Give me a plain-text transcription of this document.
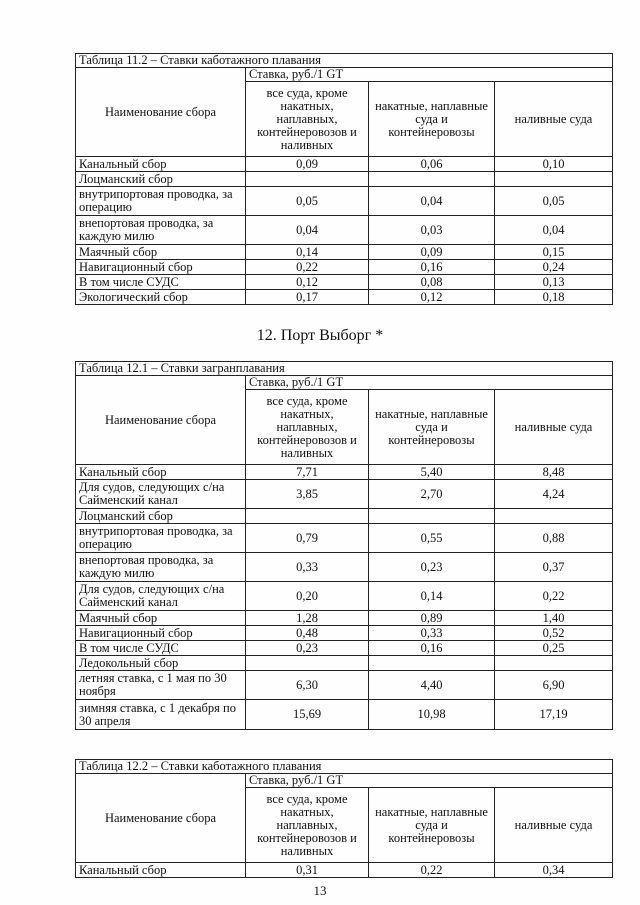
Таблица 11.2 – Ставки каботажного плавания			
Наименование сбора	Ставка, руб./1 GT		
	все суда, кроме накатных, наплавных, контейнеровозов и наливных	накатные, наплавные суда и контейнеровозы	наливные суда
Канальный сбор	0,09	0,06	0,10
Лоцманский сбор			
внутрипортовая проводка, за операцию	0,05	0,04	0,05
внепортовая проводка, за каждую милю	0,04	0,03	0,04
Маячный сбор	0,14	0,09	0,15
Навигационный сбор	0,22	0,16	0,24
В том числе СУДС	0,12	0,08	0,13
Экологический сбор	0,17	0,12	0,18
12. Порт Выборг *
Таблица 12.1 – Ставки загранплавания			
Наименование сбора	Ставка, руб./1 GT		
	все суда, кроме накатных, наплавных, контейнеровозов и наливных	накатные, наплавные суда и контейнеровозы	наливные суда
Канальный сбор	7,71	5,40	8,48
Для судов, следующих с/на Сайменский канал	3,85	2,70	4,24
Лоцманский сбор			
внутрипортовая проводка, за операцию	0,79	0,55	0,88
внепортовая проводка, за каждую милю	0,33	0,23	0,37
Для судов, следующих с/на Сайменский канал	0,20	0,14	0,22
Маячный сбор	1,28	0,89	1,40
Навигационный сбор	0,48	0,33	0,52
В том числе СУДС	0,23	0,16	0,25
Ледокольный сбор			
летняя ставка, с 1 мая по 30 ноября	6,30	4,40	6,90
зимняя ставка, с 1 декабря по 30 апреля	15,69	10,98	17,19
Таблица 12.2 – Ставки каботажного плавания			
Наименование сбора	Ставка, руб./1 GT		
	все суда, кроме накатных, наплавных, контейнеровозов и наливных	накатные, наплавные суда и контейнеровозы	наливные суда
Канальный сбор	0,31	0,22	0,34
13
